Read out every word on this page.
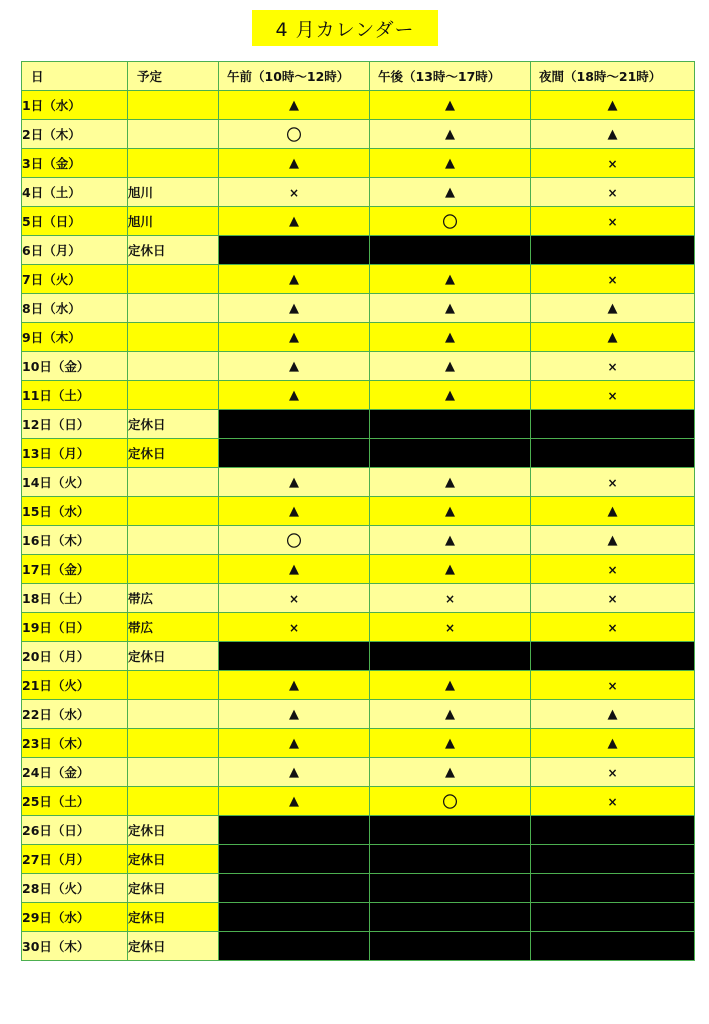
4 月カレンダー
日	予定	午前（10時～12時）	午後（13時～17時）	夜間（18時～21時）
1日（水）		▲	▲	▲
2日（木）		〇	▲	▲
3日（金）		▲	▲	×
4日（土）	旭川	×	▲	×
5日（日）	旭川	▲	〇	×
6日（月）	定休日			
7日（火）		▲	▲	×
8日（水）		▲	▲	▲
9日（木）		▲	▲	▲
10日（金）		▲	▲	×
11日（土）		▲	▲	×
12日（日）	定休日			
13日（月）	定休日			
14日（火）		▲	▲	×
15日（水）		▲	▲	▲
16日（木）		〇	▲	▲
17日（金）		▲	▲	×
18日（土）	帯広	×	×	×
19日（日）	帯広	×	×	×
20日（月）	定休日			
21日（火）		▲	▲	×
22日（水）		▲	▲	▲
23日（木）		▲	▲	▲
24日（金）		▲	▲	×
25日（土）		▲	〇	×
26日（日）	定休日			
27日（月）	定休日			
28日（火）	定休日			
29日（水）	定休日			
30日（木）	定休日			
